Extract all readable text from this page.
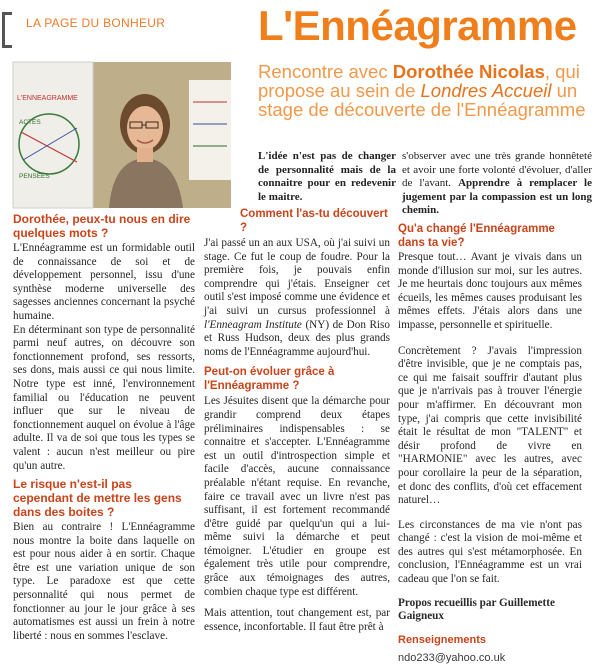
LA PAGE DU BONHEUR L'Ennéagramme
L'ENNEAGRAMME
ACTES
PENSEES
Rencontre avec Dorothée Nicolas, qui propose au sein de Londres Accueil un stage de découverte de l'Ennéagramme
L'idée n'est pas de changer de personnalité mais de la connaitre pour en redevenir le maitre.
s'observer avec une très grande honnêteté et avoir une forte volonté d'évoluer, d'aller de l'avant. Apprendre à remplacer le jugement par la compassion est un long chemin.
Dorothée, peux-tu nous en dire quelques mots ?

L'Ennéagramme est un formidable outil de connaissance de soi et de développement personnel, issu d'une synthèse moderne universelle des sagesses anciennes concernant la psyché humaine.

En déterminant son type de personnalité parmi neuf autres, on découvre son fonctionnement profond, ses ressorts, ses dons, mais aussi ce qui nous limite. Notre type est inné, l'environnement familial ou l'éducation ne peuvent influer que sur le niveau de fonctionnement auquel on évolue à l'âge adulte. Il va de soi que tous les types se valent : aucun n'est meilleur ou pire qu'un autre.

Le risque n'est-il pas cependant de mettre les gens dans des boites ?

Bien au contraire ! L'Ennéagramme nous montre la boite dans laquelle on est pour nous aider à en sortir. Chaque être est une variation unique de son type. Le paradoxe est que cette personnalité qui nous permet de fonctionner au jour le jour grâce à ses automatismes est aussi un frein à notre liberté : nous en sommes l'esclave.

Comment l'as-tu découvert ?

J'ai passé un an aux USA, où j'ai suivi un stage. Ce fut le coup de foudre. Pour la première fois, je pouvais enfin comprendre qui j'étais. Enseigner cet outil s'est imposé comme une évidence et j'ai suivi un cursus professionnel à l'Enneagram Institute (NY) de Don Riso et Russ Hudson, deux des plus grands noms de l'Ennéagramme aujourd'hui.

Peut-on évoluer grâce à l'Ennéagramme ?

Les Jésuites disent que la démarche pour grandir comprend deux étapes préliminaires indispensables : se connaitre et s'accepter. L'Ennéagramme est un outil d'introspection simple et facile d'accès, aucune connaissance préalable n'étant requise. En revanche, faire ce travail avec un livre n'est pas suffisant, il est fortement recommandé d'être guidé par quelqu'un qui a lui-même suivi la démarche et peut témoigner. L'étudier en groupe est également très utile pour comprendre, grâce aux témoignages des autres, combien chaque type est différent.

Mais attention, tout changement est, par essence, inconfortable. Il faut être prêt à

Qu'a changé l'Ennéagramme dans ta vie?

Presque tout… Avant je vivais dans un monde d'illusion sur moi, sur les autres. Je me heurtais donc toujours aux mêmes écueils, les mêmes causes produisant les mêmes effets. J'étais alors dans une impasse, personnelle et spirituelle.

Concrètement ? J'avais l'impression d'être invisible, que je ne comptais pas, ce qui me faisait souffrir d'autant plus que je n'arrivais pas à trouver l'énergie pour m'affirmer. En découvrant mon type, j'ai compris que cette invisibilité était le résultat de mon "TALENT" et désir profond de vivre en "HARMONIE" avec les autres, avec pour corollaire la peur de la séparation, et donc des conflits, d'où cet effacement naturel…

Les circonstances de ma vie n'ont pas changé : c'est la vision de moi-même et des autres qui s'est métamorphosée. En conclusion, l'Ennéagramme est un vrai cadeau que l'on se fait.

Propos recueillis par Guillemette Gaigneux

Renseignements ndo233@yahoo.co.uk
